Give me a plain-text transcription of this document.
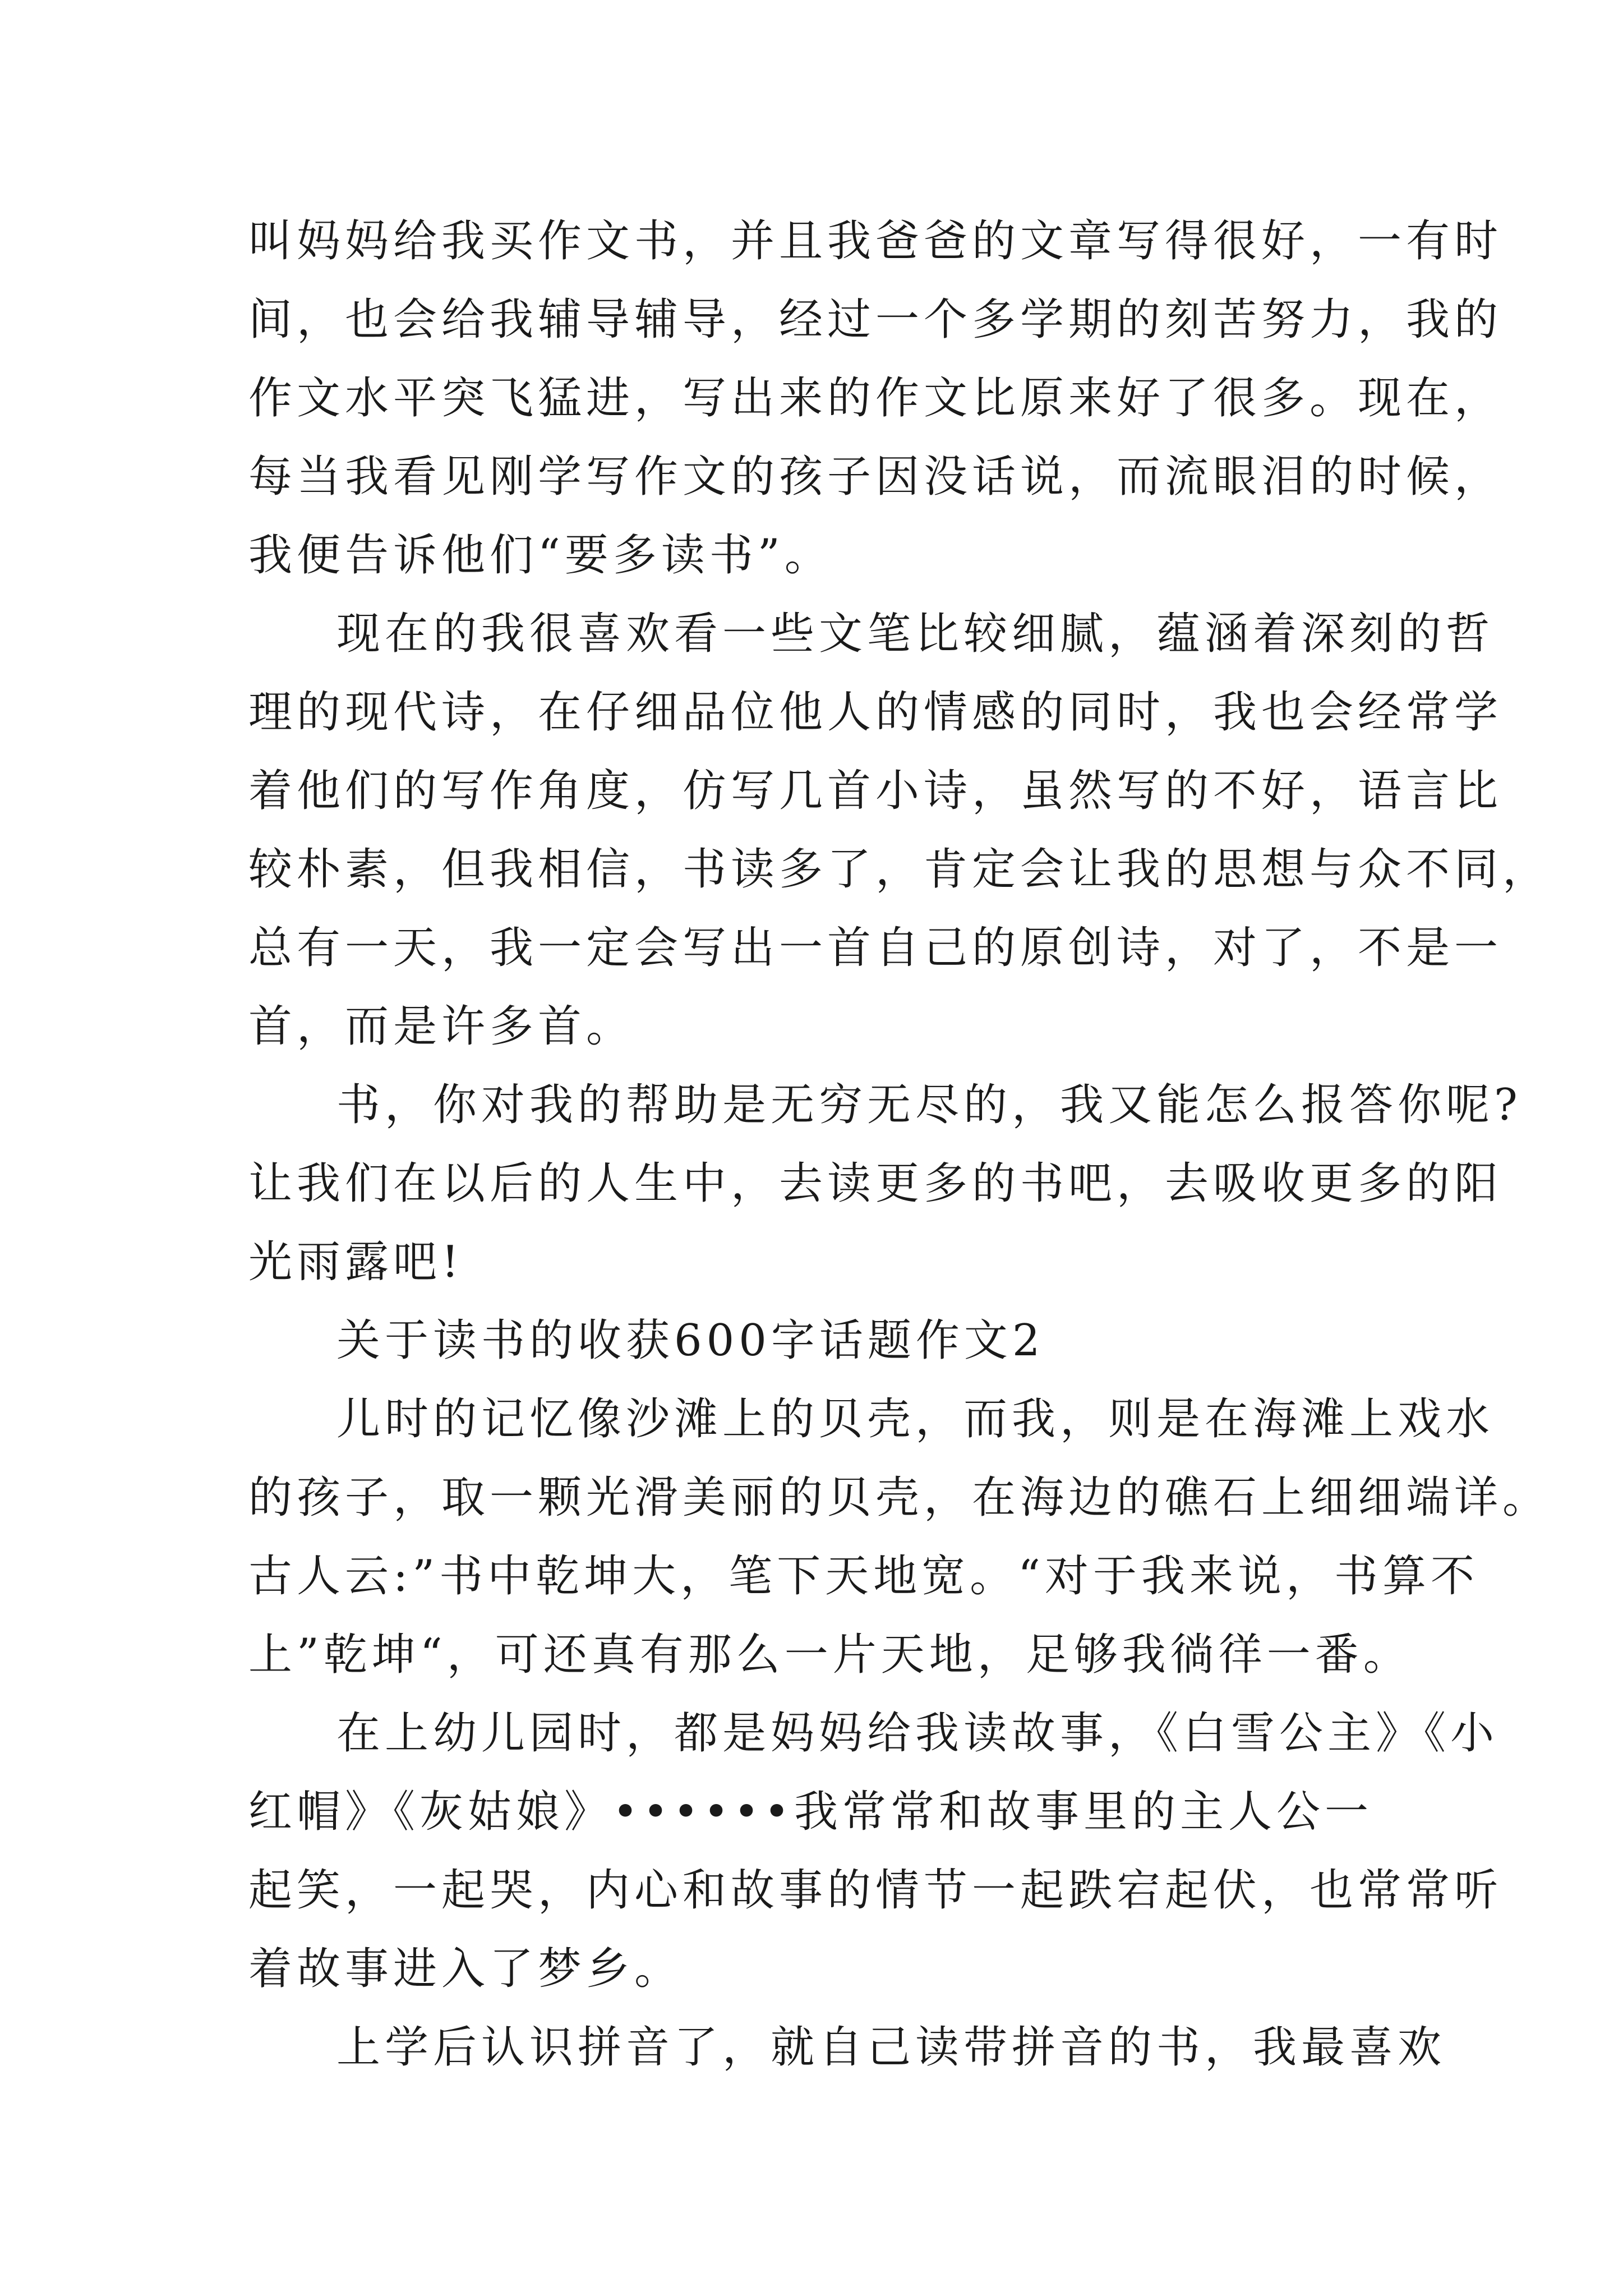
叫妈妈给我买作文书，并且我爸爸的文章写得很好，一有时
间，也会给我辅导辅导，经过一个多学期的刻苦努力，我的
作文水平突飞猛进，写出来的作文比原来好了很多。现在，
每当我看见刚学写作文的孩子因没话说，而流眼泪的时候，
我便告诉他们“要多读书”。
现在的我很喜欢看一些文笔比较细腻，蕴涵着深刻的哲
理的现代诗，在仔细品位他人的情感的同时，我也会经常学
着他们的写作角度，仿写几首小诗，虽然写的不好，语言比
较朴素，但我相信，书读多了，肯定会让我的思想与众不同，
总有一天，我一定会写出一首自己的原创诗，对了，不是一
首，而是许多首。
书，你对我的帮助是无穷无尽的，我又能怎么报答你呢?
让我们在以后的人生中，去读更多的书吧，去吸收更多的阳
光雨露吧!
关于读书的收获600字话题作文2
儿时的记忆像沙滩上的贝壳，而我，则是在海滩上戏水
的孩子，取一颗光滑美丽的贝壳，在海边的礁石上细细端详。
古人云:”书中乾坤大，笔下天地宽。“对于我来说，书算不
上”乾坤“，可还真有那么一片天地，足够我徜徉一番。
在上幼儿园时，都是妈妈给我读故事，《白雪公主》《小
红帽》《灰姑娘》••••••我常常和故事里的主人公一
起笑，一起哭，内心和故事的情节一起跌宕起伏，也常常听
着故事进入了梦乡。
上学后认识拼音了，就自己读带拼音的书，我最喜欢
